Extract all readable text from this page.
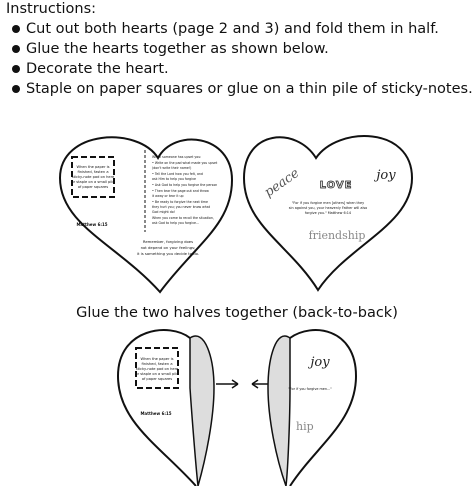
Instructions:

Cut out both hearts (page 2 and 3) and fold them in half.
Glue the hearts together as shown below.
Decorate the heart.
Staple on paper squares or glue on a thin pile of sticky-notes.
When the paper is
finished, fasten a
sticky-note pad on here
or staple on a small pile
of paper squares
Matthew 6:15
When someone has upset you:
• Write on the pad what made you upset
(don't write their name!)
• Tell the Lord how you felt, and
ask Him to help you forgive
• Ask God to help you forgive the person
• Then tear the page out and throw
it away or tear it up
• Be ready to forgive the next time
they hurt you; you never know what
God might do!
When you come to recall the situation,
ask God to help you forgive...
Remember, forgiving does
not depend on your feelings;
it is something you decide to do.
peace	joy
LOVE
"For if you forgive men [others] when they
sin against you, your heavenly Father will also
forgive you." Matthew 6:14
friendship
Glue the two halves together (back-to-back)
When the paper is
finished, fasten a
sticky-note pad on here
or staple on a small pile
of paper squares
Matthew 6:15
joy
"For if you forgive men..."
hip
